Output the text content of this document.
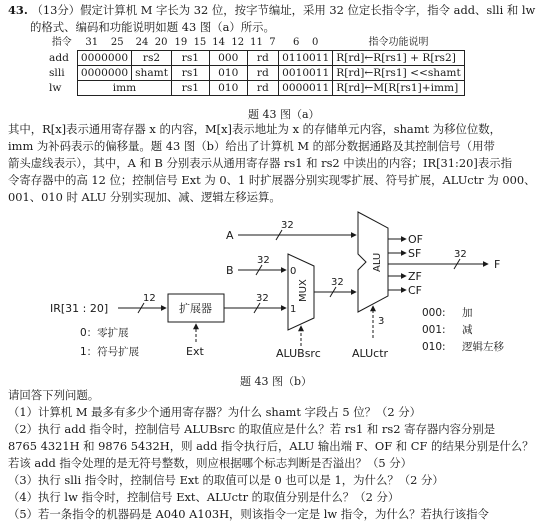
43. （13分）假定计算机 M 字长为 32 位，按字节编址，采用 32 位定长指令字，指令 add、slli 和 lw
的格式、编码和功能说明如题 43 图（a）所示。
指令	31 25	24 20	19 15	14 12	11 7	6 0	指令功能说明
add	0000000	rs2	rs1	000	rd	0110011	R[rd]←R[rs1] + R[rs2]
slli	0000000	shamt	rs1	010	rd	0010011	R[rd]←R[rs1] <<shamt
lw	imm		rs1	010	rd	0000011	R[rd]←M[R[rs1]+imm]
题 43 图（a）

其中，R[x]表示通用寄存器 x 的内容，M[x]表示地址为 x 的存储单元内容，shamt 为移位位数，

imm 为补码表示的偏移量。题 43 图（b）给出了计算机 M 的部分数据通路及其控制信号（用带

箭头虚线表示），其中，A 和 B 分别表示从通用寄存器 rs1 和 rs2 中读出的内容；IR[31:20]表示指

令寄存器中的高 12 位；控制信号 Ext 为 0、1 时扩展器分别实现零扩展、符号扩展，ALUctr 为 000、

001、010 时 ALU 分别实现加、减、逻辑左移运算。

A
32
B
32
IR[31 : 20]
12
扩展器
32
Ext
0：零扩展
1：符号扩展
0
1
MUX
ALUBsrc
32
ALU
3
ALUctr
OF
SF
ZF
CF
32
F
000: 加
001: 减
010: 逻辑左移
题 43 图（b）

请回答下列问题。

（1）计算机 M 最多有多少个通用寄存器？为什么 shamt 字段占 5 位？（2 分）

（2）执行 add 指令时，控制信号 ALUBsrc 的取值应是什么？若 rs1 和 rs2 寄存器内容分别是

8765 4321H 和 9876 5432H，则 add 指令执行后，ALU 输出端 F、OF 和 CF 的结果分别是什么？

若该 add 指令处理的是无符号整数，则应根据哪个标志判断是否溢出？（5 分）

（3）执行 slli 指令时，控制信号 Ext 的取值可以是 0 也可以是 1，为什么？（2 分）

（4）执行 lw 指令时，控制信号 Ext、ALUctr 的取值分别是什么？（2 分）

（5）若一条指令的机器码是 A040 A103H，则该指令一定是 lw 指令，为什么？若执行该指令
